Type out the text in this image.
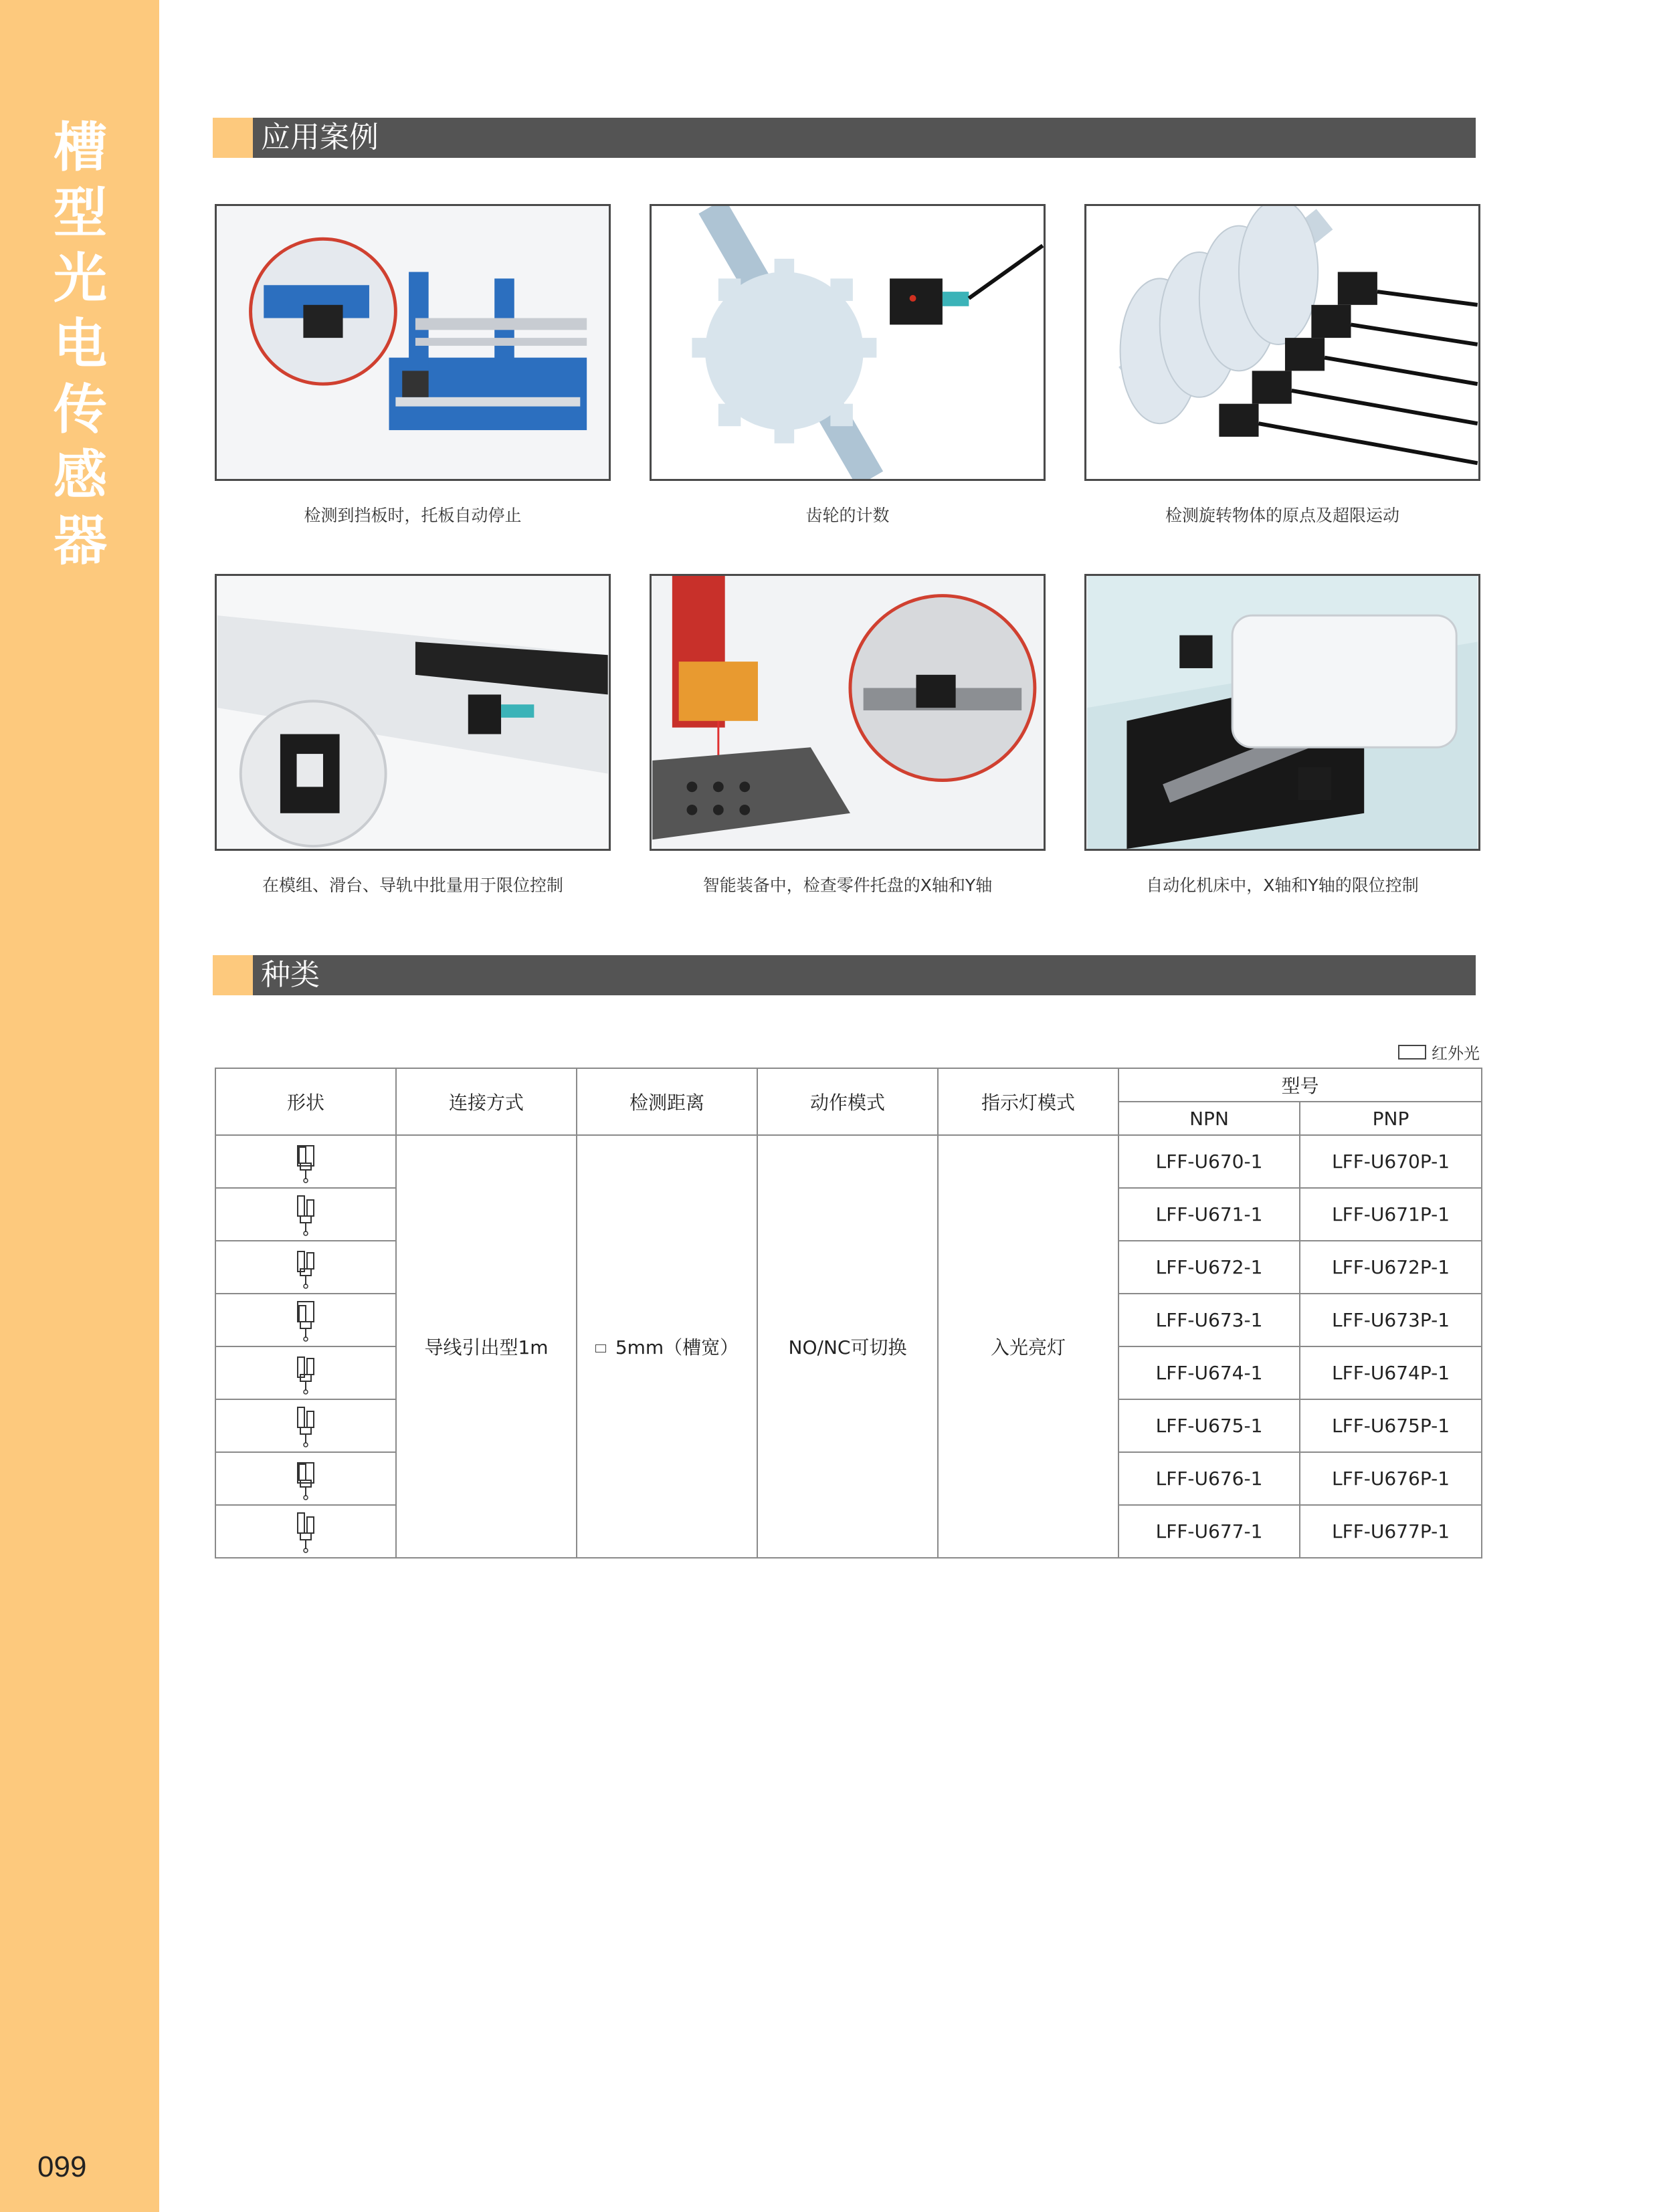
槽
型
光
电
传
感
器
099
应用案例
检测到挡板时，托板自动停止	齿轮的计数	检测旋转物体的原点及超限运动
在模组、滑台、导轨中批量用于限位控制	智能装备中，检查零件托盘的X轴和Y轴	自动化机床中，X轴和Y轴的限位控制
种类
红外光
形状	连接方式	检测距离	动作模式	指示灯模式	型号	
					NPN	PNP
	导线引出型1m	5mm（槽宽）	NO/NC可切换	入光亮灯	LFF-U670-1	LFF-U670P-1
	LFF-U671-1	LFF-U671P-1
	LFF-U672-1	LFF-U672P-1
	LFF-U673-1	LFF-U673P-1
	LFF-U674-1	LFF-U674P-1
	LFF-U675-1	LFF-U675P-1
	LFF-U676-1	LFF-U676P-1
	LFF-U677-1	LFF-U677P-1
